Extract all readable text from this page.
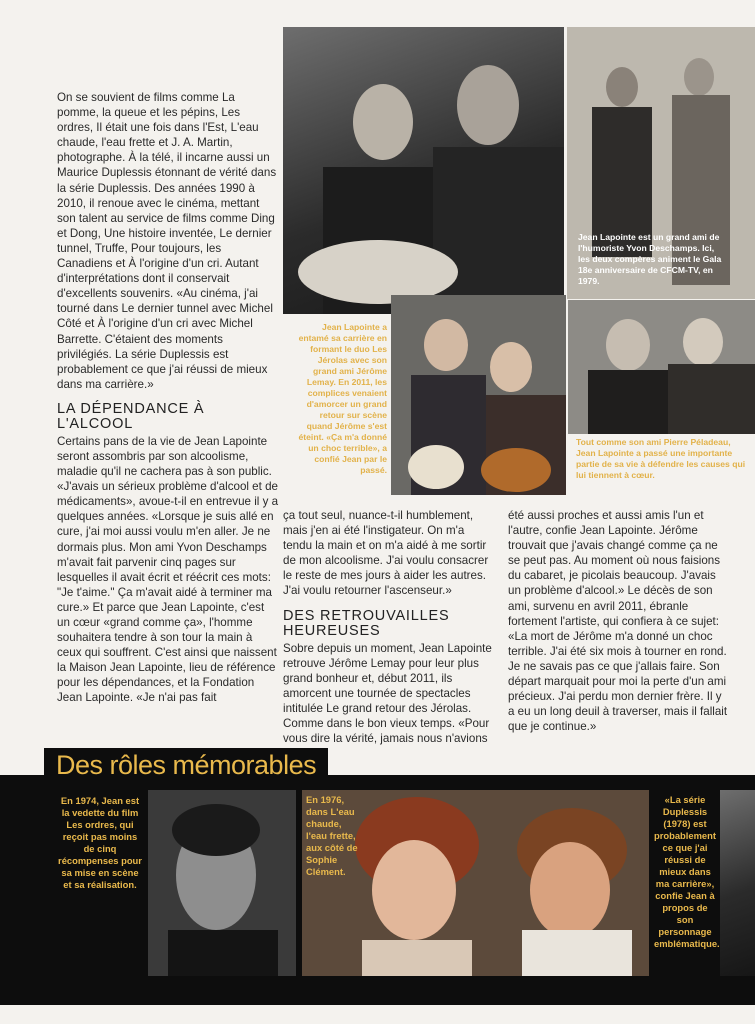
On se souvient de films comme La pomme, la queue et les pépins, Les ordres, Il était une fois dans l'Est, L'eau chaude, l'eau frette et J. A. Martin, photographe. À la télé, il incarne aussi un Maurice Duplessis étonnant de vérité dans la série Duplessis. Des années 1990 à 2010, il renoue avec le cinéma, mettant son talent au service de films comme Ding et Dong, Une histoire inventée, Le dernier tunnel, Truffe, Pour toujours, les Canadiens et À l'origine d'un cri. Autant d'interprétations dont il conservait d'excellents souvenirs. «Au cinéma, j'ai tourné dans Le dernier tunnel avec Michel Côté et À l'origine d'un cri avec Michel Barrette. C'étaient des moments privilégiés. La série Duplessis est probablement ce que j'ai réussi de mieux dans ma carrière.»

LA DÉPENDANCE À L'ALCOOL

Certains pans de la vie de Jean Lapointe seront assombris par son alcoolisme, maladie qu'il ne cachera pas à son public. «J'avais un sérieux problème d'alcool et de médicaments», avoue-t-il en entrevue il y a quelques années. «Lorsque je suis allé en cure, j'ai moi aussi voulu m'en aller. Je ne dormais plus. Mon ami Yvon Deschamps m'avait fait parvenir cinq pages sur lesquelles il avait écrit et réécrit ces mots: "Je t'aime." Ça m'avait aidé à terminer ma cure.» Et parce que Jean Lapointe, c'est un cœur «grand comme ça», l'homme souhaitera tendre à son tour la main à ceux qui souffrent. C'est ainsi que naissent la Maison Jean Lapointe, lieu de référence pour les dépendances, et la Fondation Jean Lapointe. «Je n'ai pas fait

Jean Lapointe est un grand ami de l'humoriste Yvon Deschamps. Ici, les deux compères animent le Gala 18e anniversaire de CFCM-TV, en 1979.
Jean Lapointe a entamé sa carrière en formant le duo Les Jérolas avec son grand ami Jérôme Lemay. En 2011, les complices venaient d'amorcer un grand retour sur scène quand Jérôme s'est éteint. «Ça m'a donné un choc terrible», a confié Jean par le passé.
Tout comme son ami Pierre Péladeau, Jean Lapointe a passé une importante partie de sa vie à défendre les causes qui lui tiennent à cœur.

ça tout seul, nuance-t-il humblement, mais j'en ai été l'instigateur. On m'a tendu la main et on m'a aidé à me sortir de mon alcoolisme. J'ai voulu consacrer le reste de mes jours à aider les autres. J'ai voulu retourner l'ascenseur.»

DES RETROUVAILLES HEUREUSES

Sobre depuis un moment, Jean Lapointe retrouve Jérôme Lemay pour leur plus grand bonheur et, début 2011, ils amorcent une tournée de spectacles intitulée Le grand retour des Jérolas. Comme dans le bon vieux temps. «Pour vous dire la vérité, jamais nous n'avions

été aussi proches et aussi amis l'un et l'autre, confie Jean Lapointe. Jérôme trouvait que j'avais changé comme ça ne se peut pas. Au moment où nous faisions du cabaret, je picolais beaucoup. J'avais un problème d'alcool.» Le décès de son ami, survenu en avril 2011, ébranle fortement l'artiste, qui confiera à ce sujet: «La mort de Jérôme m'a donné un choc terrible. J'ai été six mois à tourner en rond. Je ne savais pas ce que j'allais faire. Son départ marquait pour moi la perte d'un ami précieux. J'ai perdu mon dernier frère. Il y a eu un long deuil à traverser, mais il fallait que je continue.»

Des rôles mémorables
En 1974, Jean est la vedette du film Les ordres, qui reçoit pas moins de cinq récompenses pour sa mise en scène et sa réalisation.
En 1976, dans L'eau chaude, l'eau frette, aux côté de Sophie Clément.
«La série Duplessis (1978) est probablement ce que j'ai réussi de mieux dans ma carrière», confie Jean à propos de son personnage emblématique.
